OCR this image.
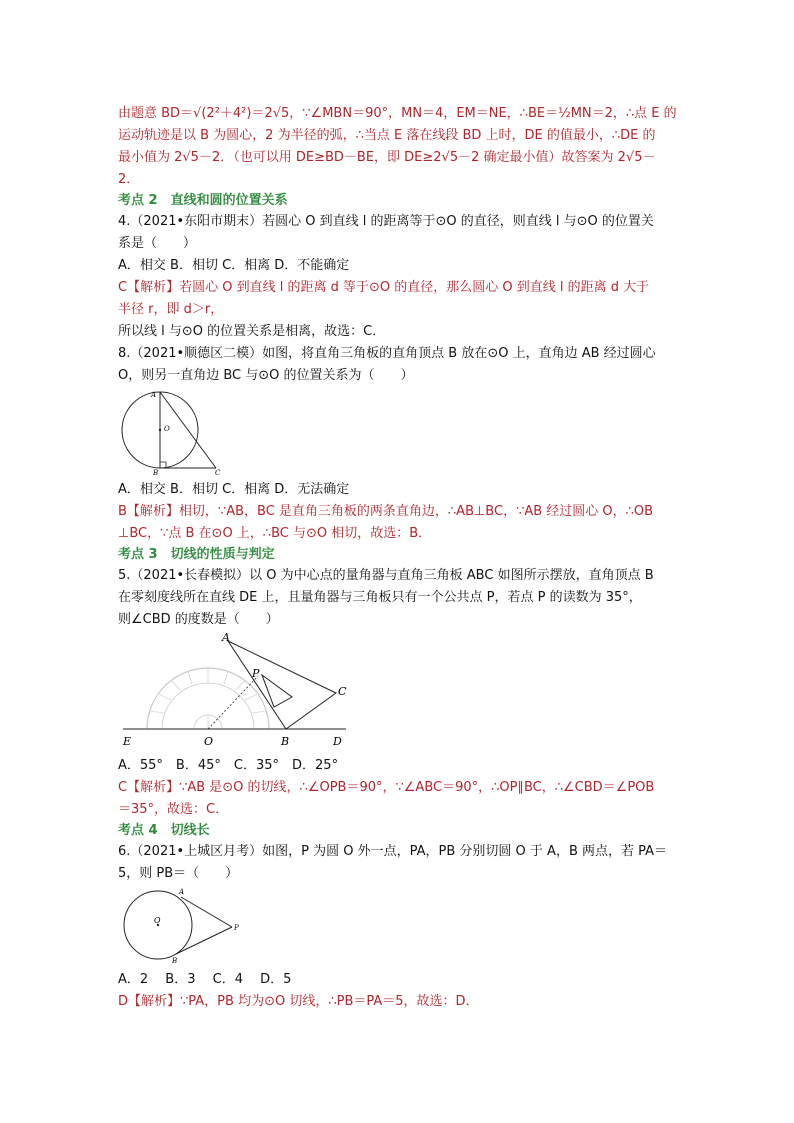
由题意 BD＝√(2²＋4²)＝2√5，∵∠MBN＝90°，MN＝4，EM＝NE，∴BE＝½MN＝2，∴点 E 的

运动轨迹是以 B 为圆心，2 为半径的弧，∴当点 E 落在线段 BD 上时，DE 的值最小，∴DE 的

最小值为 2√5－2．（也可以用 DE≥BD－BE，即 DE≥2√5－2 确定最小值）故答案为 2√5－

2．

考点 2　直线和圆的位置关系

4.（2021•东阳市期末）若圆心 O 到直线 l 的距离等于⊙O 的直径，则直线 l 与⊙O 的位置关

系是（　　）

A．相交 B．相切 C．相离 D．不能确定

C【解析】若圆心 O 到直线 l 的距离 d 等于⊙O 的直径，那么圆心 O 到直线 l 的距离 d 大于

半径 r，即 d＞r，

所以线 l 与⊙O 的位置关系是相离，故选：C．

8.（2021•顺德区二模）如图，将直角三角板的直角顶点 B 放在⊙O 上，直角边 AB 经过圆心

O，则另一直角边 BC 与⊙O 的位置关系为（　　）

A
O
B	C

A．相交 B．相切 C．相离 D．无法确定

B【解析】相切，∵AB，BC 是直角三角板的两条直角边，∴AB⊥BC，∵AB 经过圆心 O，∴OB

⊥BC，∵点 B 在⊙O 上，∴BC 与⊙O 相切，故选：B．

考点 3　切线的性质与判定

5.（2021•长春模拟）以 O 为中心点的量角器与直角三角板 ABC 如图所示摆放，直角顶点 B

在零刻度线所在直线 DE 上，且量角器与三角板只有一个公共点 P，若点 P 的读数为 35°，

则∠CBD 的度数是（　　）

A
P
C
E	O	B	D

A．55°　B．45°　C．35°　D．25°

C【解析】∵AB 是⊙O 的切线，∴∠OPB＝90°，∵∠ABC＝90°，∴OP∥BC，∴∠CBD＝∠POB

＝35°，故选：C．

考点 4　切线长

6.（2021•上城区月考）如图，P 为圆 O 外一点，PA，PB 分别切圆 O 于 A，B 两点，若 PA＝

5，则 PB＝（　　）

A
O
B
P

A．2　 B．3　 C．4　 D．5

D【解析】∵PA，PB 均为⊙O 切线，∴PB＝PA＝5，故选：D．
